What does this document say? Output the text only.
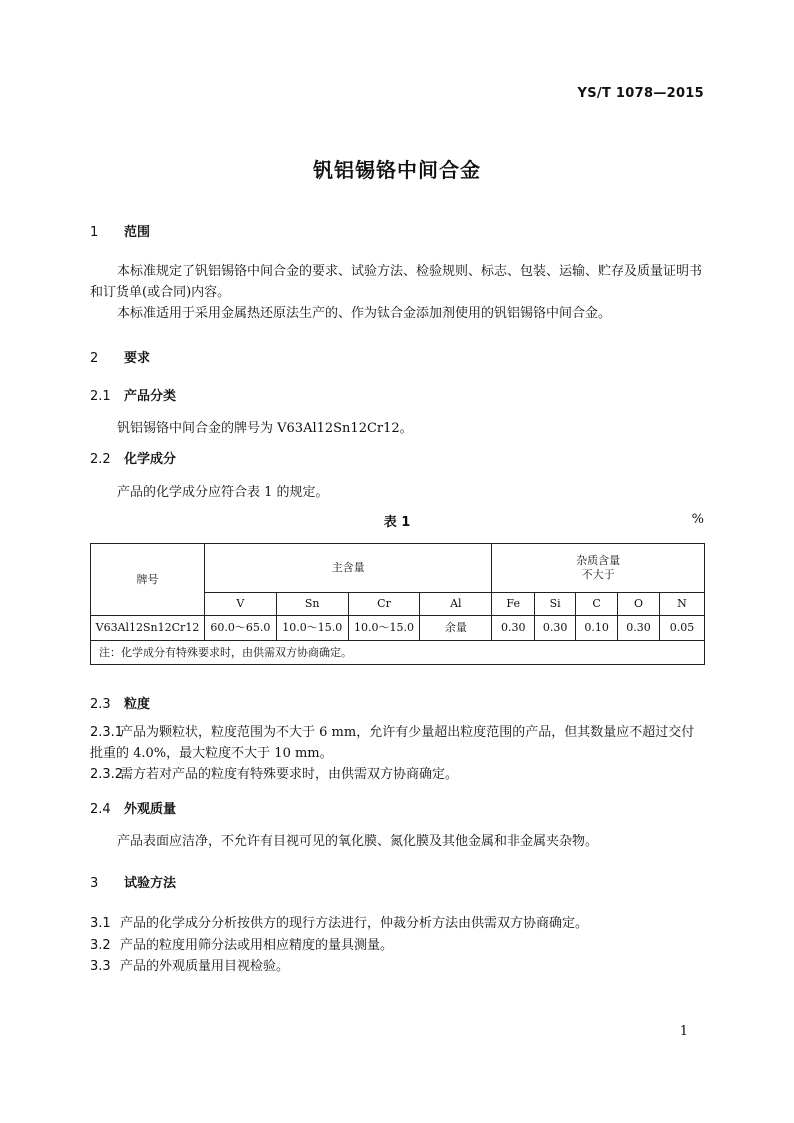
YS/T 1078—2015
钒铝锡铬中间合金
1 范围
本标准规定了钒铝锡铬中间合金的要求、试验方法、检验规则、标志、包装、运输、贮存及质量证明书和订货单(或合同)内容。
本标准适用于采用金属热还原法生产的、作为钛合金添加剂使用的钒铝锡铬中间合金。
2 要求
2.1 产品分类
钒铝锡铬中间合金的牌号为 V63Al12Sn12Cr12。
2.2 化学成分
产品的化学成分应符合表 1 的规定。
表 1	%
牌号	主含量				杂质含量
不大于				

	V	Sn	Cr	Al	Fe	Si	C	O	N
V63Al12Sn12Cr12	60.0～65.0	10.0～15.0	10.0～15.0	余量	0.30	0.30	0.10	0.30	0.05
注：化学成分有特殊要求时，由供需双方协商确定。									
2.3 粒度
2.3.1产品为颗粒状，粒度范围为不大于 6 mm，允许有少量超出粒度范围的产品，但其数量应不超过交付批重的 4.0%，最大粒度不大于 10 mm。
2.3.2需方若对产品的粒度有特殊要求时，由供需双方协商确定。
2.4 外观质量
产品表面应洁净，不允许有目视可见的氧化膜、氮化膜及其他金属和非金属夹杂物。
3 试验方法
3.1 产品的化学成分分析按供方的现行方法进行，仲裁分析方法由供需双方协商确定。
3.2 产品的粒度用筛分法或用相应精度的量具测量。
3.3 产品的外观质量用目视检验。
1
